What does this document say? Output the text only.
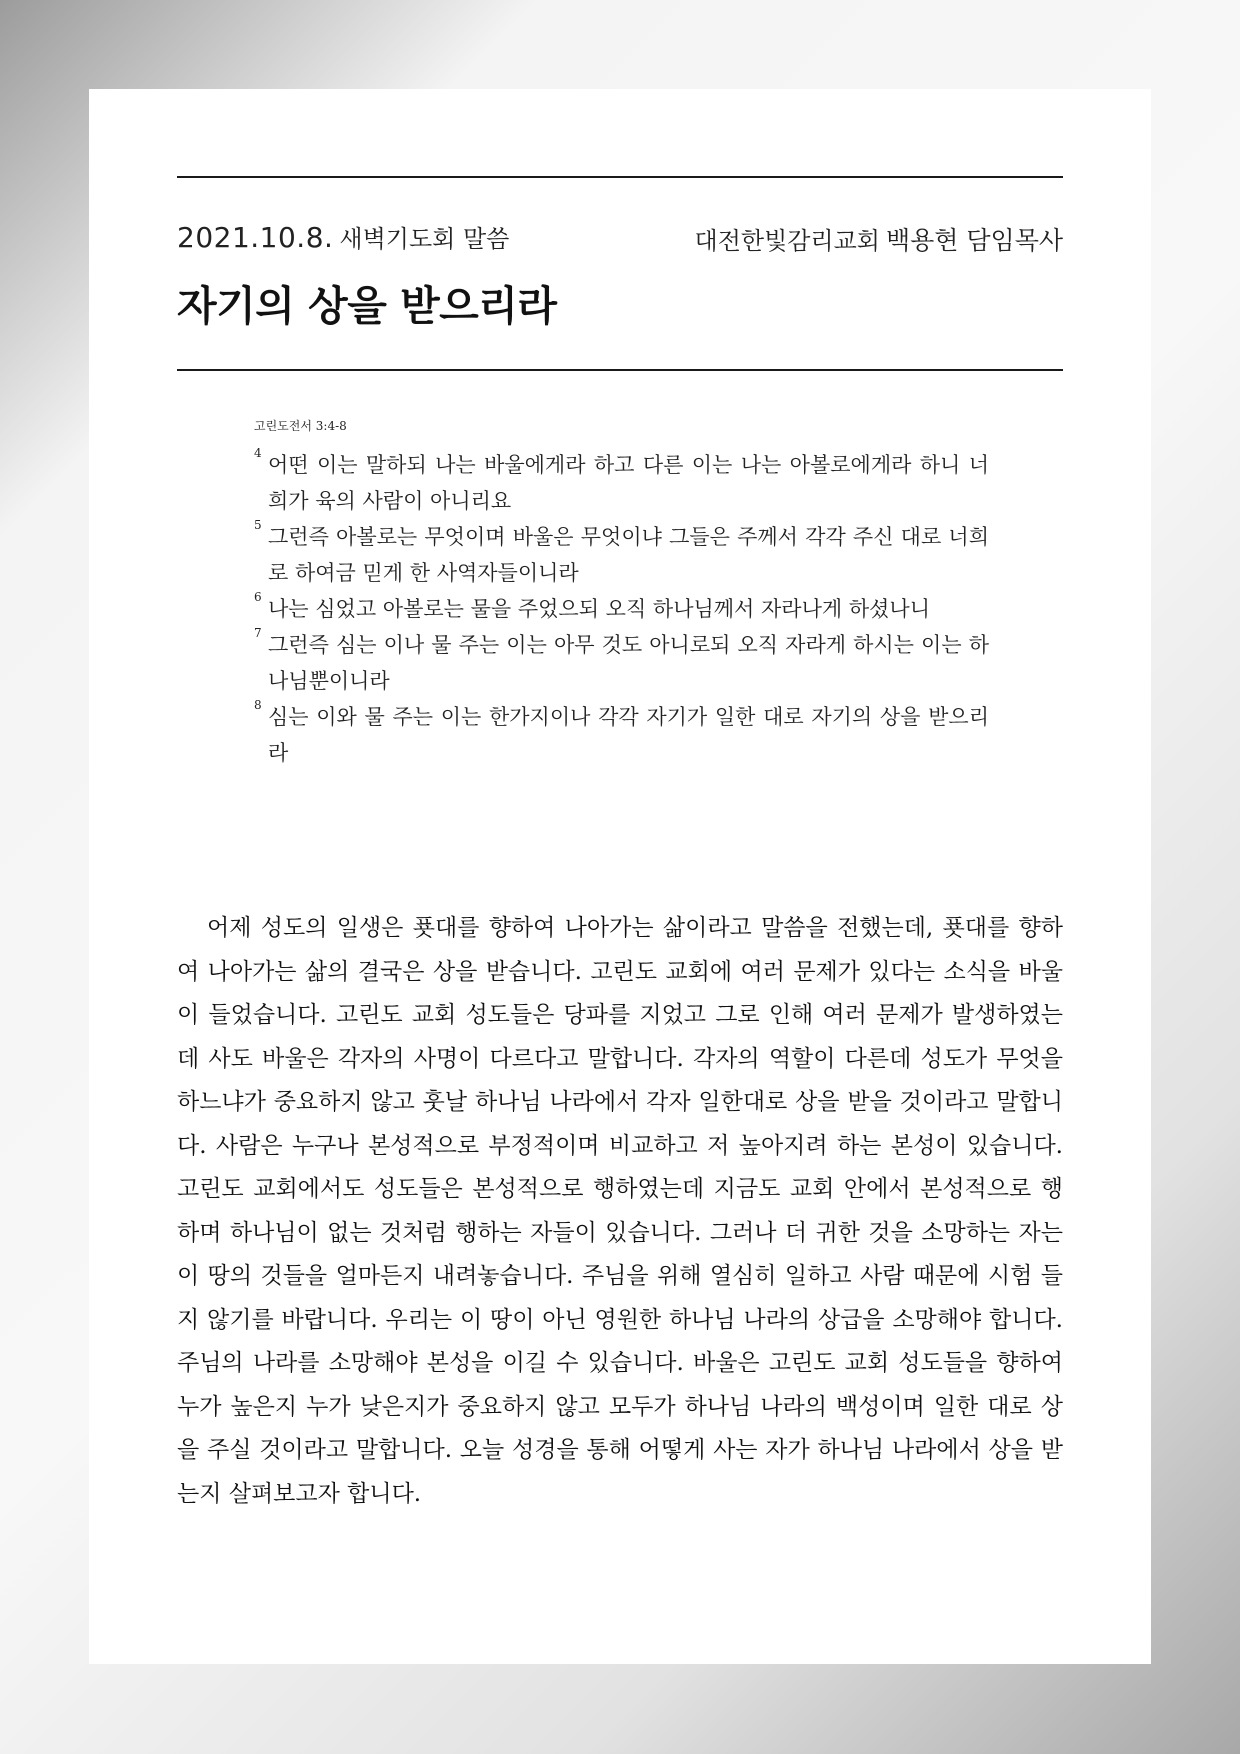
2021.10.8. 새벽기도회 말씀	대전한빛감리교회 백용현 담임목사
자기의 상을 받으리라
고린도전서 3:4-8
4 어떤 이는 말하되 나는 바울에게라 하고 다른 이는 나는 아볼로에게라 하니 너희가 육의 사람이 아니리요
5 그런즉 아볼로는 무엇이며 바울은 무엇이냐 그들은 주께서 각각 주신 대로 너희로 하여금 믿게 한 사역자들이니라
6 나는 심었고 아볼로는 물을 주었으되 오직 하나님께서 자라나게 하셨나니
7 그런즉 심는 이나 물 주는 이는 아무 것도 아니로되 오직 자라게 하시는 이는 하나님뿐이니라
8 심는 이와 물 주는 이는 한가지이나 각각 자기가 일한 대로 자기의 상을 받으리라

어제 성도의 일생은 푯대를 향하여 나아가는 삶이라고 말씀을 전했는데, 푯대를 향하여 나아가는 삶의 결국은 상을 받습니다. 고린도 교회에 여러 문제가 있다는 소식을 바울이 들었습니다. 고린도 교회 성도들은 당파를 지었고 그로 인해 여러 문제가 발생하였는데 사도 바울은 각자의 사명이 다르다고 말합니다. 각자의 역할이 다른데 성도가 무엇을 하느냐가 중요하지 않고 훗날 하나님 나라에서 각자 일한대로 상을 받을 것이라고 말합니다. 사람은 누구나 본성적으로 부정적이며 비교하고 저 높아지려 하는 본성이 있습니다. 고린도 교회에서도 성도들은 본성적으로 행하였는데 지금도 교회 안에서 본성적으로 행하며 하나님이 없는 것처럼 행하는 자들이 있습니다. 그러나 더 귀한 것을 소망하는 자는 이 땅의 것들을 얼마든지 내려놓습니다. 주님을 위해 열심히 일하고 사람 때문에 시험 들지 않기를 바랍니다. 우리는 이 땅이 아닌 영원한 하나님 나라의 상급을 소망해야 합니다. 주님의 나라를 소망해야 본성을 이길 수 있습니다. 바울은 고린도 교회 성도들을 향하여 누가 높은지 누가 낮은지가 중요하지 않고 모두가 하나님 나라의 백성이며 일한 대로 상을 주실 것이라고 말합니다. 오늘 성경을 통해 어떻게 사는 자가 하나님 나라에서 상을 받는지 살펴보고자 합니다.
